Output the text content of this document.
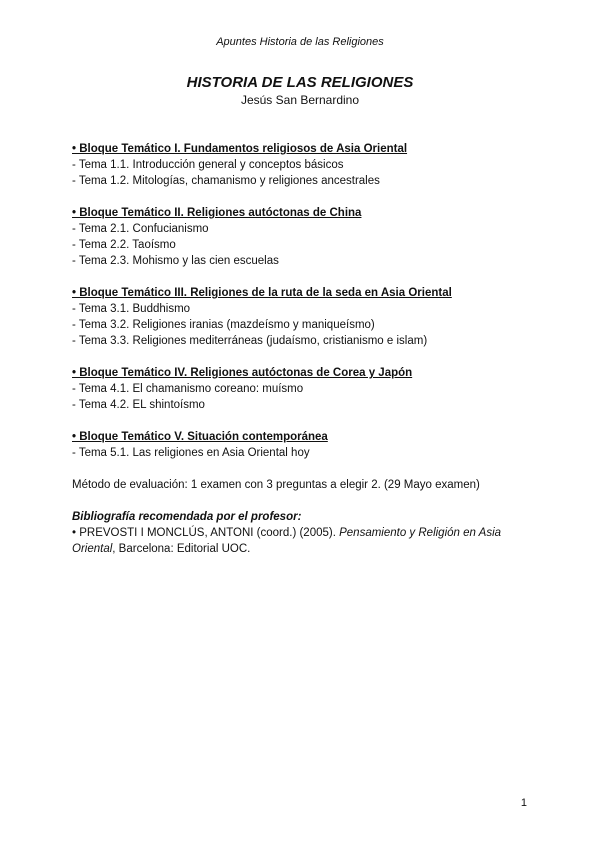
Apuntes Historia de las Religiones
HISTORIA DE LAS RELIGIONES
Jesús San Bernardino
• Bloque Temático I. Fundamentos religiosos de Asia Oriental
- Tema 1.1. Introducción general y conceptos básicos
- Tema 1.2. Mitologías, chamanismo y religiones ancestrales
• Bloque Temático II. Religiones autóctonas de China
- Tema 2.1. Confucianismo
- Tema 2.2. Taoísmo
- Tema 2.3. Mohismo y las cien escuelas
• Bloque Temático III. Religiones de la ruta de la seda en Asia Oriental
- Tema 3.1. Buddhismo
- Tema 3.2. Religiones iranias (mazdeísmo y maniqueísmo)
- Tema 3.3. Religiones mediterráneas (judaísmo, cristianismo e islam)
• Bloque Temático IV. Religiones autóctonas de Corea y Japón
- Tema 4.1. El chamanismo coreano: muísmo
- Tema 4.2. EL shintoísmo
• Bloque Temático V. Situación contemporánea
- Tema 5.1. Las religiones en Asia Oriental hoy
Método de evaluación: 1 examen con 3 preguntas a elegir 2. (29 Mayo examen)
Bibliografía recomendada por el profesor:
• PREVOSTI I MONCLÚS, ANTONI (coord.) (2005). Pensamiento y Religión en Asia Oriental, Barcelona: Editorial UOC.
1
